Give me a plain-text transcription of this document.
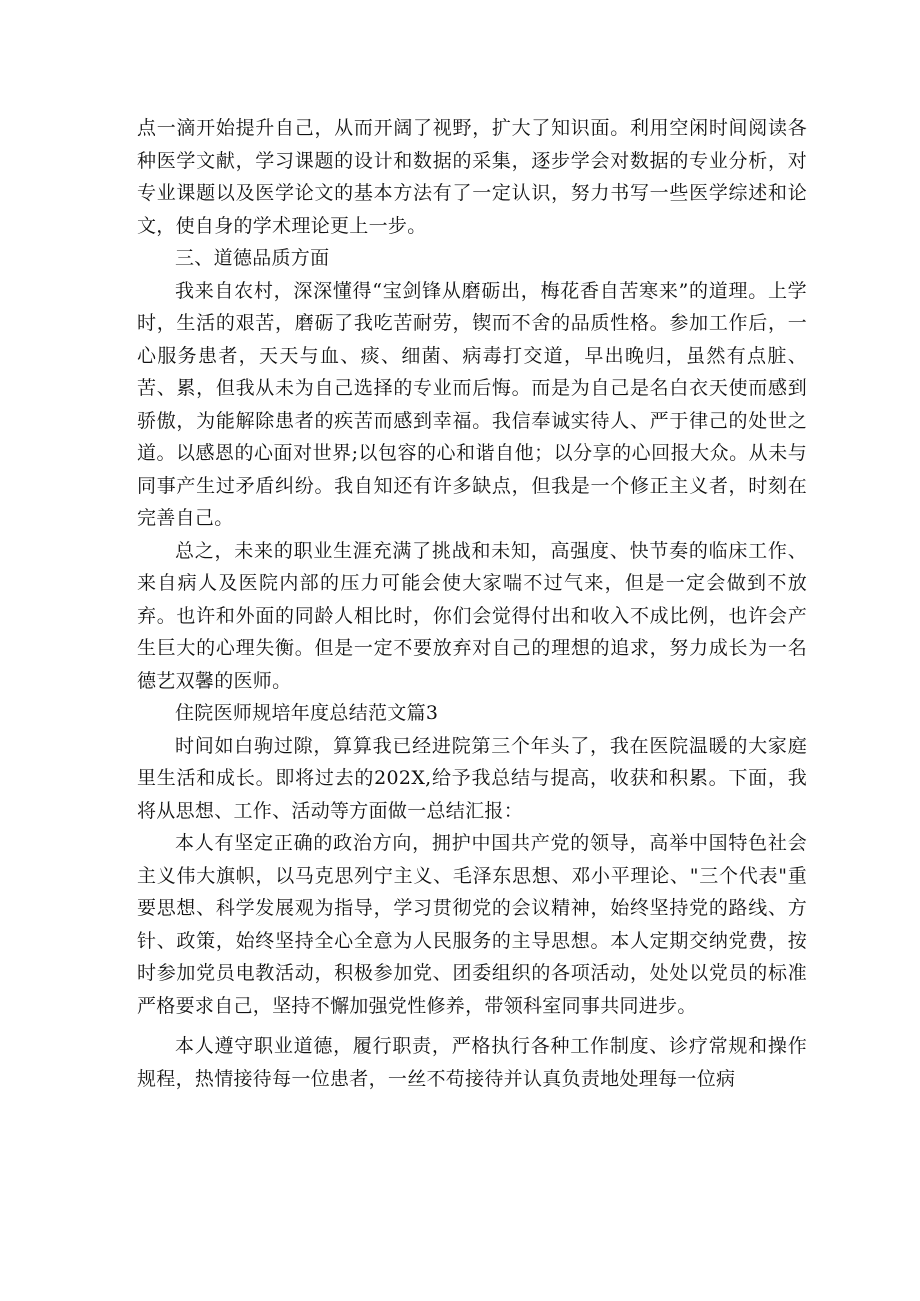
点一滴开始提升自己，从而开阔了视野，扩大了知识面。利用空闲时间阅读各种医学文献，学习课题的设计和数据的采集，逐步学会对数据的专业分析，对专业课题以及医学论文的基本方法有了一定认识，努力书写一些医学综述和论文，使自身的学术理论更上一步。

三、道德品质方面

我来自农村，深深懂得“宝剑锋从磨砺出，梅花香自苦寒来”的道理。上学时，生活的艰苦，磨砺了我吃苦耐劳，锲而不舍的品质性格。参加工作后，一心服务患者，天天与血、痰、细菌、病毒打交道，早出晚归，虽然有点脏、苦、累，但我从未为自己选择的专业而后悔。而是为自己是名白衣天使而感到骄傲，为能解除患者的疾苦而感到幸福。我信奉诚实待人、严于律己的处世之道。以感恩的心面对世界;以包容的心和谐自他；以分享的心回报大众。从未与同事产生过矛盾纠纷。我自知还有许多缺点，但我是一个修正主义者，时刻在完善自己。

总之，未来的职业生涯充满了挑战和未知，高强度、快节奏的临床工作、来自病人及医院内部的压力可能会使大家喘不过气来，但是一定会做到不放弃。也许和外面的同龄人相比时，你们会觉得付出和收入不成比例，也许会产生巨大的心理失衡。但是一定不要放弃对自己的理想的追求，努力成长为一名德艺双馨的医师。

住院医师规培年度总结范文篇3

时间如白驹过隙，算算我已经进院第三个年头了，我在医院温暖的大家庭里生活和成长。即将过去的202X,给予我总结与提高，收获和积累。下面，我将从思想、工作、活动等方面做一总结汇报：

本人有坚定正确的政治方向，拥护中国共产党的领导，高举中国特色社会主义伟大旗帜，以马克思列宁主义、毛泽东思想、邓小平理论、"三个代表"重要思想、科学发展观为指导，学习贯彻党的会议精神，始终坚持党的路线、方针、政策，始终坚持全心全意为人民服务的主导思想。本人定期交纳党费，按时参加党员电教活动，积极参加党、团委组织的各项活动，处处以党员的标准严格要求自己，坚持不懈加强党性修养，带领科室同事共同进步。

本人遵守职业道德，履行职责，严格执行各种工作制度、诊疗常规和操作规程，热情接待每一位患者，一丝不苟接待并认真负责地处理每一位病
